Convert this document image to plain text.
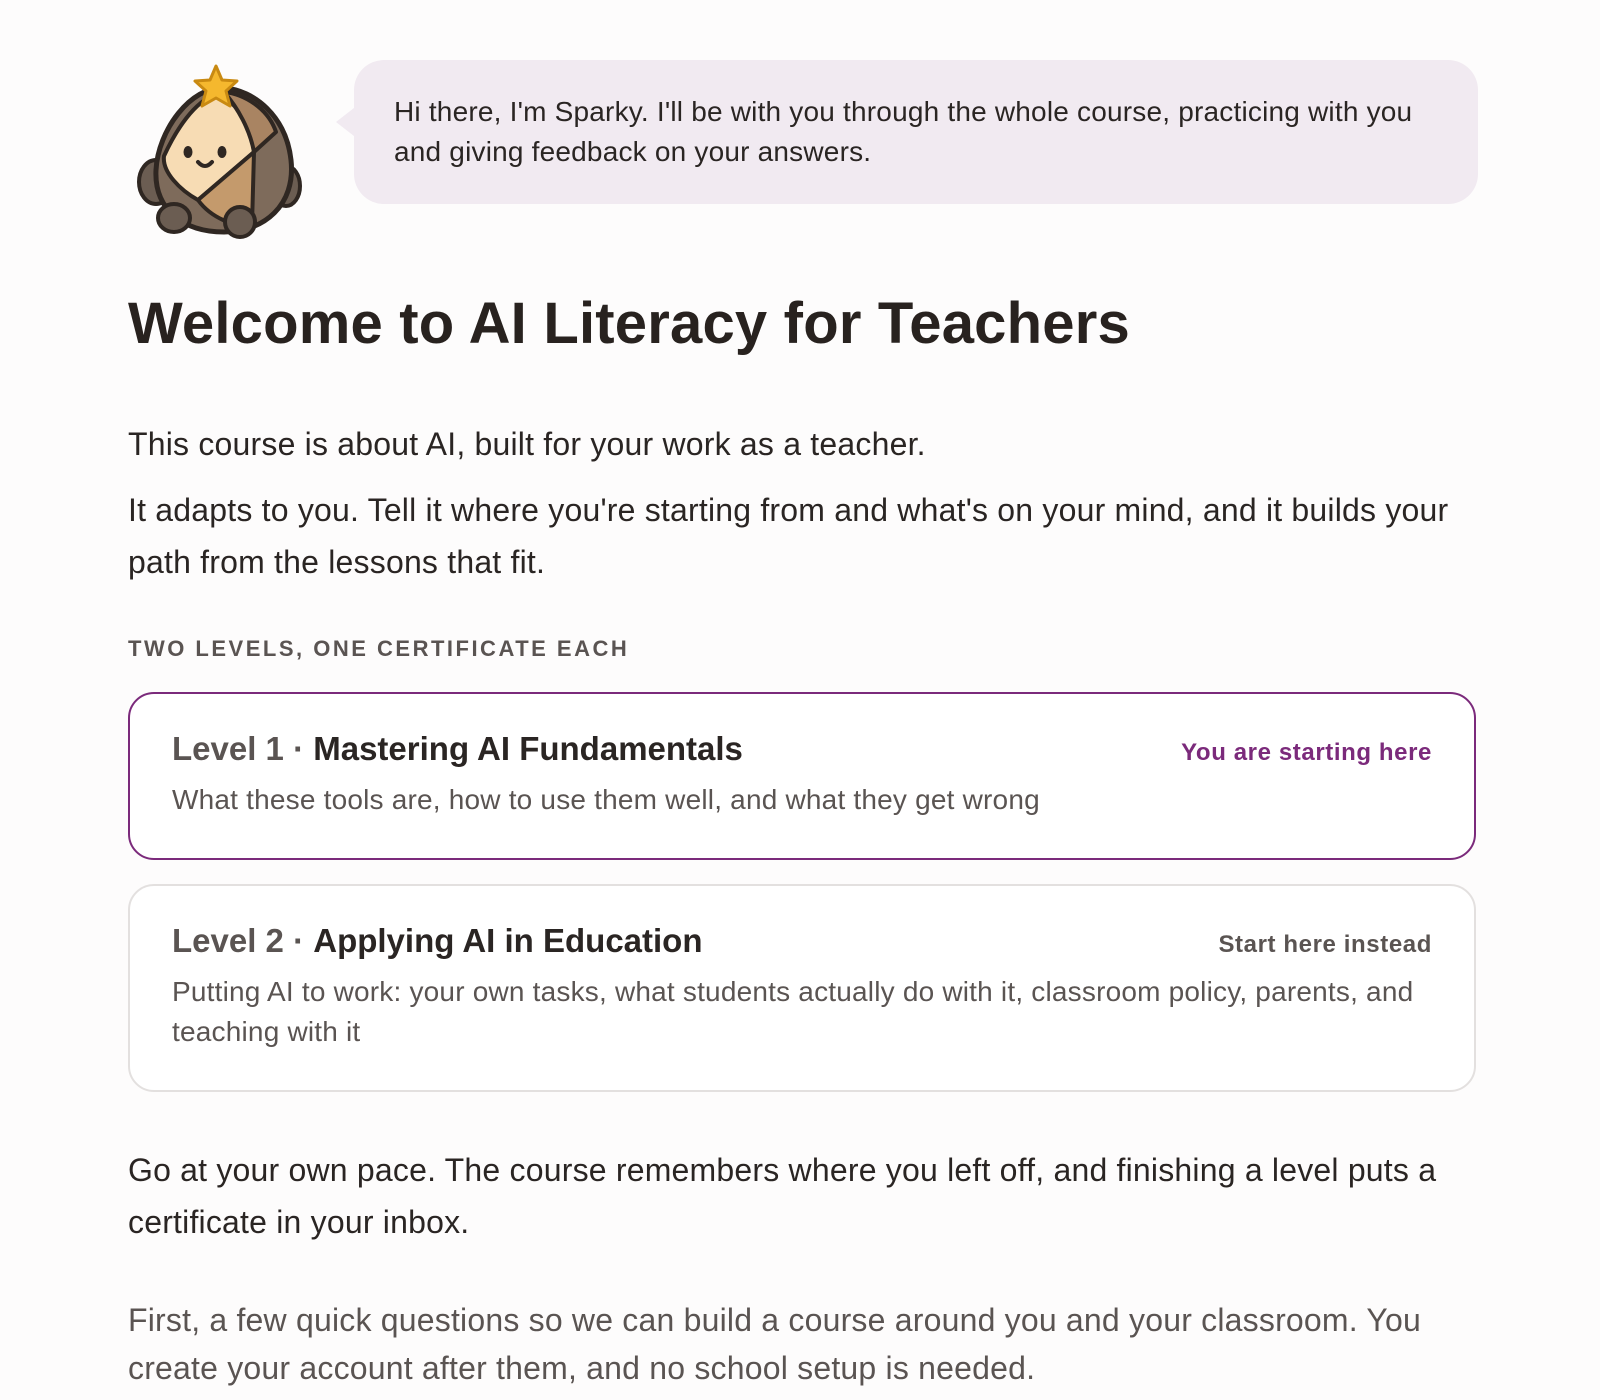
Hi there, I'm Sparky. I'll be with you through the whole course, practicing with you and giving feedback on your answers.
Welcome to AI Literacy for Teachers

This course is about AI, built for your work as a teacher.

It adapts to you. Tell it where you're starting from and what's on your mind, and it builds your path from the lessons that fit.

TWO LEVELS, ONE CERTIFICATE EACH
Level 1 · Mastering AI Fundamentals	You are starting here
What these tools are, how to use them well, and what they get wrong
Level 2 · Applying AI in Education	Start here instead
Putting AI to work: your own tasks, what students actually do with it, classroom policy, parents, and teaching with it

Go at your own pace. The course remembers where you left off, and finishing a level puts a certificate in your inbox.

First, a few quick questions so we can build a course around you and your classroom. You create your account after them, and no school setup is needed.
